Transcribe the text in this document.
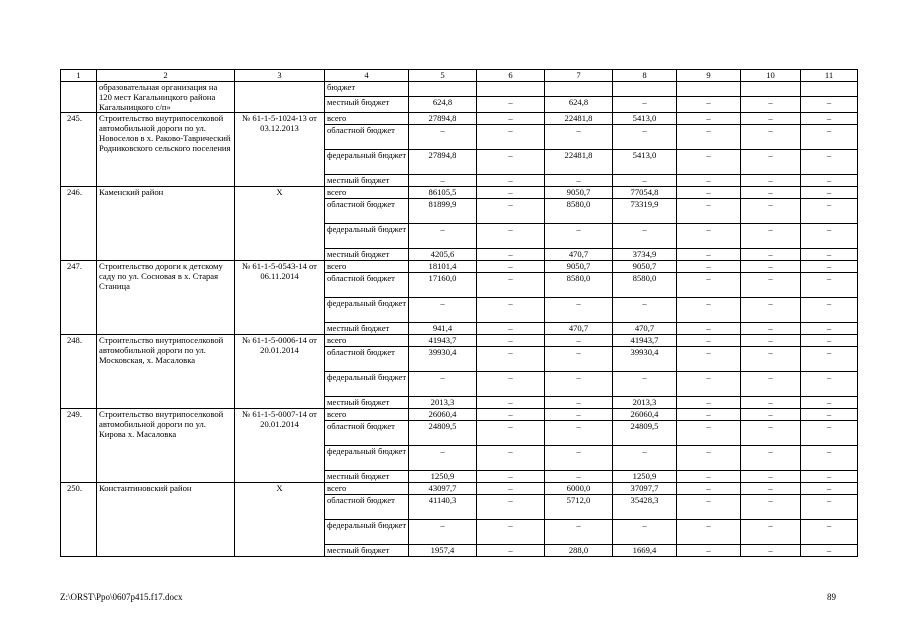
1	2	3	4	5	6	7	8	9	10	11
	образовательная организация на 120 мест Кагальницкого района Кагальницкого с/п»		бюджет							
			местный бюджет	624,8	–	624,8	–	–	–	–
245.	Строительство внутрипоселковой автомобильной дороги по ул. Новоселов в х. Раково-Таврический Родниковского сельского поселения	№ 61-1-5-1024-13 от 03.12.2013	всего	27894,8	–	22481,8	5413,0	–	–	–
			областной бюджет	–	–	–	–	–	–	–
			федеральный бюджет	27894,8	–	22481,8	5413,0	–	–	–
			местный бюджет	–	–	–	–	–	–	–
246.	Каменский район	Х	всего	86105,5	–	9050,7	77054,8	–	–	–
			областной бюджет	81899,9	–	8580,0	73319,9	–	–	–
			федеральный бюджет	–	–	–	–	–	–	–
			местный бюджет	4205,6	–	470,7	3734,9	–	–	–
247.	Строительство дороги к детскому саду по ул. Сосновая в х. Старая Станица	№ 61-1-5-0543-14 от 06.11.2014	всего	18101,4	–	9050,7	9050,7	–	–	–
			областной бюджет	17160,0	–	8580,0	8580,0	–	–	–
			федеральный бюджет	–	–	–	–	–	–	–
			местный бюджет	941,4	–	470,7	470,7	–	–	–
248.	Строительство внутрипоселковой автомобильной дороги по ул. Московская, х. Масаловка	№ 61-1-5-0006-14 от 20.01.2014	всего	41943,7	–	–	41943,7	–	–	–
			областной бюджет	39930,4	–	–	39930,4	–	–	–
			федеральный бюджет	–	–	–	–	–	–	–
			местный бюджет	2013,3	–	–	2013,3	–	–	–
249.	Строительство внутрипоселковой автомобильной дороги по ул. Кирова х. Масаловка	№ 61-1-5-0007-14 от 20.01.2014	всего	26060,4	–	–	26060,4	–	–	–
			областной бюджет	24809,5	–	–	24809,5	–	–	–
			федеральный бюджет	–	–	–	–	–	–	–
			местный бюджет	1250,9	–	–	1250,9	–	–	–
250.	Константиновский район	Х	всего	43097,7	–	6000,0	37097,7	–	–	–
			областной бюджет	41140,3	–	5712,0	35428,3	–	–	–
			федеральный бюджет	–	–	–	–	–	–	–
			местный бюджет	1957,4	–	288,0	1669,4	–	–	–
Z:\ORST\Ppo\0607p415.f17.docx	89
